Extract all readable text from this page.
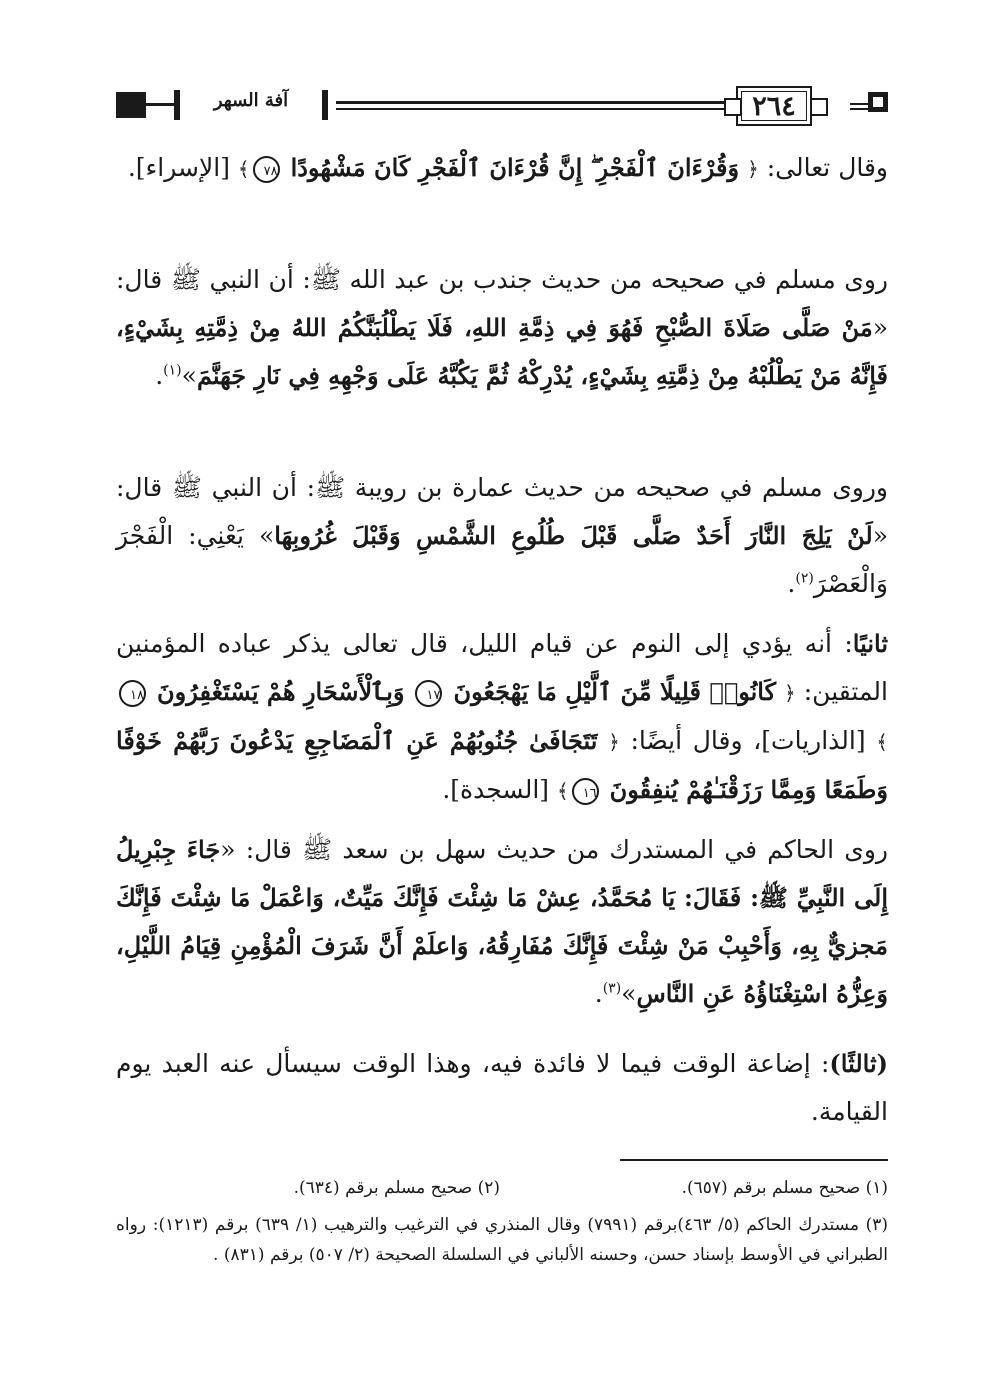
٢٦٤
آفة السهر
وقال تعالى: ﴿ وَقُرْءَانَ ٱلْفَجْرِ ۖ إِنَّ قُرْءَانَ ٱلْفَجْرِ كَانَ مَشْهُودًا ٧٨﴾ [الإسراء].
روى مسلم في صحيحه من حديث جندب بن عبد الله ﷺ: أن النبي ﷺ قال: «مَنْ صَلَّى صَلَاةَ الصُّبْحِ فَهُوَ فِي ذِمَّةِ اللهِ، فَلَا يَطْلُبَنَّكُمُ اللهُ مِنْ ذِمَّتِهِ بِشَيْءٍ، فَإِنَّهُ مَنْ يَطْلُبْهُ مِنْ ذِمَّتِهِ بِشَيْءٍ، يُدْرِكْهُ ثُمَّ يَكُبَّهُ عَلَى وَجْهِهِ فِي نَارِ جَهَنَّمَ»$^{(١)}$.
وروى مسلم في صحيحه من حديث عمارة بن رويبة ﷺ: أن النبي ﷺ قال: «لَنْ يَلِجَ النَّارَ أَحَدٌ صَلَّى قَبْلَ طُلُوعِ الشَّمْسِ وَقَبْلَ غُرُوبِهَا» يَعْنِي: الْفَجْرَ وَالْعَصْرَ$^{(٢)}$.
ثانيًا: أنه يؤدي إلى النوم عن قيام الليل، قال تعالى يذكر عباده المؤمنين المتقين: ﴿ كَانُوا۟ قَلِيلًا مِّنَ ٱلَّيْلِ مَا يَهْجَعُونَ ١٧ وَبِٱلْأَسْحَارِ هُمْ يَسْتَغْفِرُونَ ١٨﴾ [الذاريات]، وقال أيضًا: ﴿ تَتَجَافَىٰ جُنُوبُهُمْ عَنِ ٱلْمَضَاجِعِ يَدْعُونَ رَبَّهُمْ خَوْفًا وَطَمَعًا وَمِمَّا رَزَقْنَـٰهُمْ يُنفِقُونَ ١٦﴾ [السجدة].
روى الحاكم في المستدرك من حديث سهل بن سعد ﷺ قال: «جَاءَ جِبْرِيلُ إِلَى النَّبِيِّ ﷺ: فَقَالَ: يَا مُحَمَّدُ، عِشْ مَا شِئْتَ فَإِنَّكَ مَيِّتٌ، وَاعْمَلْ مَا شِئْتَ فَإِنَّكَ مَجزيٌّ بِهِ، وَأَحْبِبْ مَنْ شِئْتَ فَإِنَّكَ مُفَارِقُهُ، وَاعلَمْ أَنَّ شَرَفَ الْمُؤْمِنِ قِيَامُ اللَّيْلِ، وَعِزُّهُ اسْتِغْنَاؤُهُ عَنِ النَّاسِ»$^{(٣)}$.
(ثالثًا): إضاعة الوقت فيما لا فائدة فيه، وهذا الوقت سيسأل عنه العبد يوم القيامة.
(١) صحيح مسلم برقم (٦٥٧).
(٢) صحيح مسلم برقم (٦٣٤).
(٣) مستدرك الحاكم (٥/ ٤٦٣)برقم (٧٩٩١) وقال المنذري في الترغيب والترهيب (١/ ٦٣٩) برقم (١٢١٣): رواه الطبراني في الأوسط بإسناد حسن، وحسنه الألباني في السلسلة الصحيحة (٢/ ٥٠٧) برقم (٨٣١) .
